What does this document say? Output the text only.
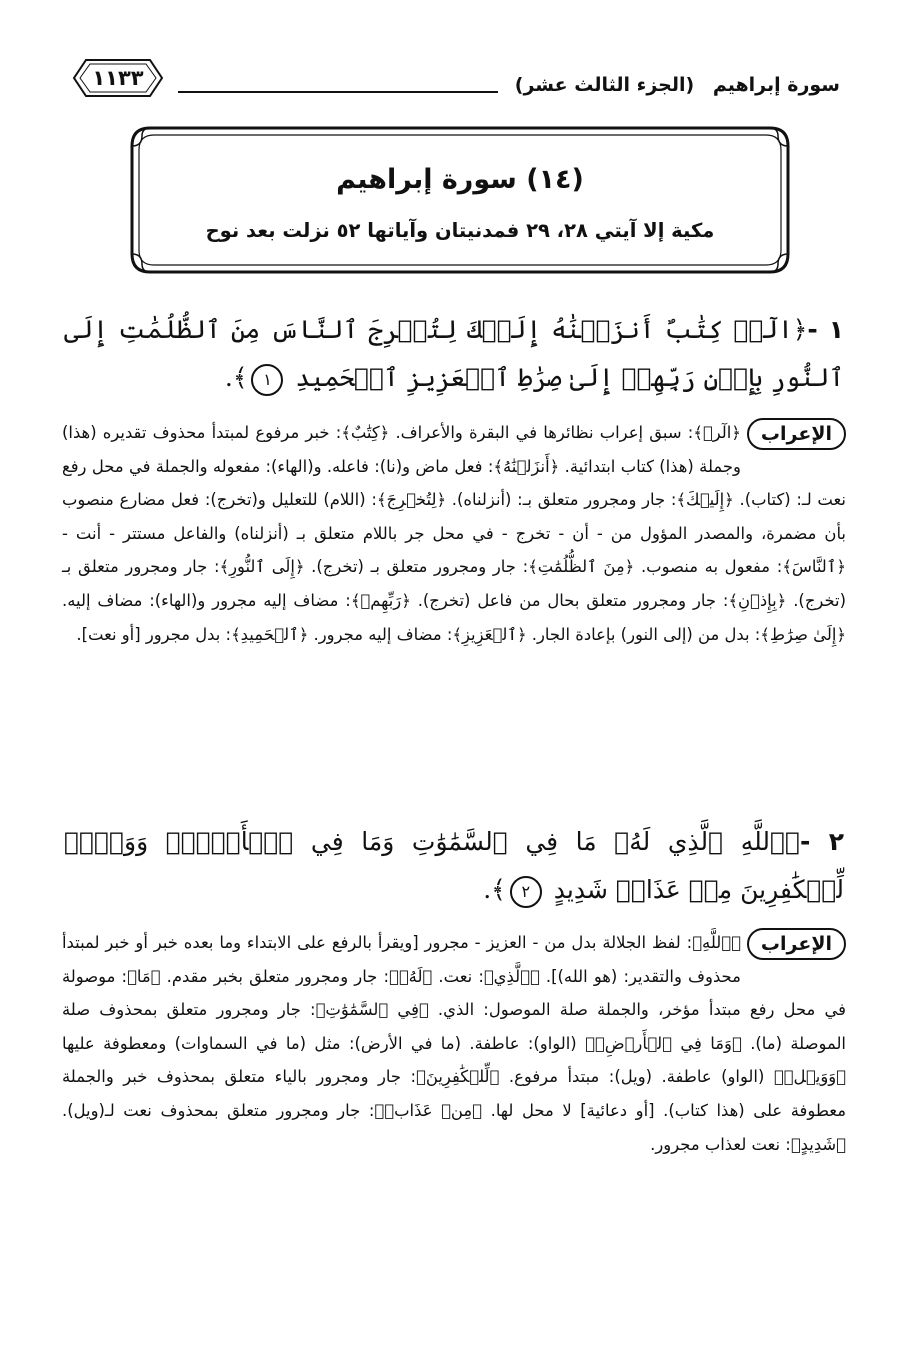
سورة إبراهيم (الجزء الثالث عشر)
١١٣٣
(١٤) سورة إبراهيم
مكية إلا آيتي ٢٨، ٢٩ فمدنيتان وآياتها ٥٢ نزلت بعد نوح
١ -﴿الٓرۚ كِتَٰبٌ أَنزَلۡنَٰهُ إِلَيۡكَ لِتُخۡرِجَ ٱلنَّاسَ مِنَ ٱلظُّلُمَٰتِ إِلَى ٱلنُّورِ بِإِذۡنِ رَبِّهِمۡ إِلَىٰ صِرَٰطِ ٱلۡعَزِيزِ ٱلۡحَمِيدِ ١﴾.
الإعراب
﴿الٓرۚ﴾: سبق إعراب نظائرها في البقرة والأعراف. ﴿كِتَٰبٌ﴾: خبر مرفوع لمبتدأ محذوف تقديره (هذا) وجملة (هذا) كتاب ابتدائية. ﴿أَنزَلۡنَٰهُ﴾: فعل ماض و(نا): فاعله. و(الهاء): مفعوله والجملة في محل رفع نعت لـ: (كتاب). ﴿إِلَيۡكَ﴾: جار ومجرور متعلق بـ: (أنزلناه). ﴿لِتُخۡرِجَ﴾: (اللام) للتعليل و(تخرج): فعل مضارع منصوب بأن مضمرة، والمصدر المؤول من - أن - تخرج - في محل جر باللام متعلق بـ (أنزلناه) والفاعل مستتر - أنت - ﴿ٱلنَّاسَ﴾: مفعول به منصوب. ﴿مِنَ ٱلظُّلُمَٰتِ﴾: جار ومجرور متعلق بـ (تخرج). ﴿إِلَى ٱلنُّورِ﴾: جار ومجرور متعلق بـ (تخرج). ﴿بِإِذۡنِ﴾: جار ومجرور متعلق بحال من فاعل (تخرج). ﴿رَبِّهِمۡ﴾: مضاف إليه مجرور و(الهاء): مضاف إليه. ﴿إِلَىٰ صِرَٰطِ﴾: بدل من (إلى النور) بإعادة الجار. ﴿ٱلۡعَزِيزِ﴾: مضاف إليه مجرور. ﴿ٱلۡحَمِيدِ﴾: بدل مجرور [أو نعت].
٢ -﴿ٱللَّهِ ٱلَّذِي لَهُۥ مَا فِي ٱلسَّمَٰوَٰتِ وَمَا فِي ٱلۡأَرۡضِۗ وَوَيۡلٞ لِّلۡكَٰفِرِينَ مِنۡ عَذَابٖ شَدِيدٍ ٢﴾.
الإعراب
﴿ٱللَّهِ﴾: لفظ الجلالة بدل من - العزيز - مجرور [ويقرأ بالرفع على الابتداء وما بعده خبر أو خبر لمبتدأ محذوف والتقدير: (هو الله)]. ﴿ٱلَّذِي﴾: نعت. ﴿لَهُۥ﴾: جار ومجرور متعلق بخبر مقدم. ﴿مَا﴾: موصولة في محل رفع مبتدأ مؤخر، والجملة صلة الموصول: الذي. ﴿فِي ٱلسَّمَٰوَٰتِ﴾: جار ومجرور متعلق بمحذوف صلة الموصلة (ما). ﴿وَمَا فِي ٱلۡأَرۡضِۗ﴾ (الواو): عاطفة. (ما في الأرض): مثل (ما في السماوات) ومعطوفة عليها ﴿وَوَيۡلٞ﴾ (الواو) عاطفة. (ويل): مبتدأ مرفوع. ﴿لِّلۡكَٰفِرِينَ﴾: جار ومجرور بالياء متعلق بمحذوف خبر والجملة معطوفة على (هذا كتاب). [أو دعائية] لا محل لها. ﴿مِنۡ عَذَابٖ﴾: جار ومجرور متعلق بمحذوف نعت لـ(ويل). ﴿شَدِيدٍ﴾: نعت لعذاب مجرور.
